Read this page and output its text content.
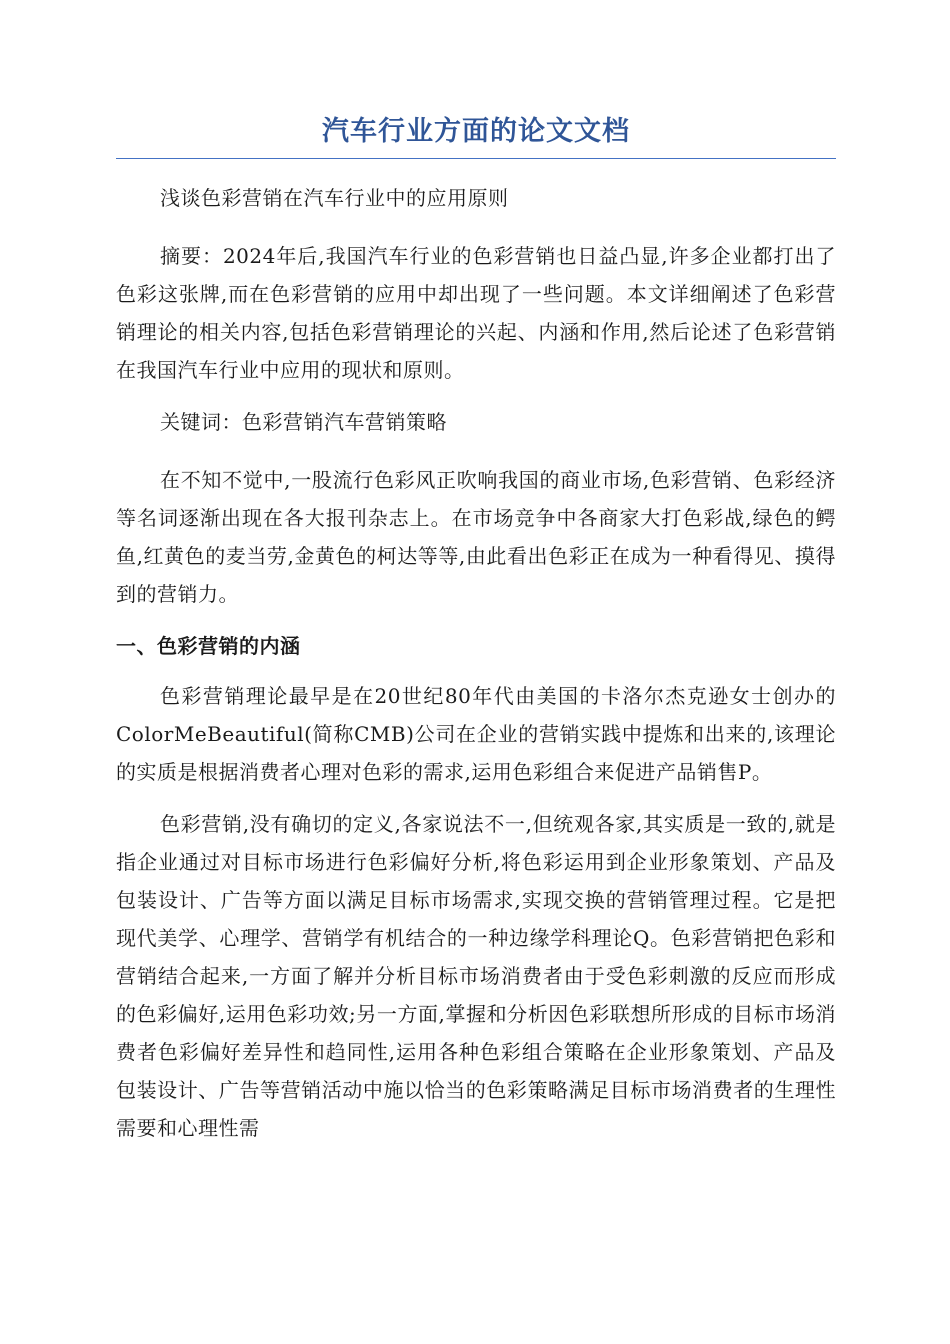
汽车行业方面的论文文档

浅谈色彩营销在汽车行业中的应用原则

摘要：2024年后,我国汽车行业的色彩营销也日益凸显,许多企业都打出了色彩这张牌,而在色彩营销的应用中却出现了一些问题。本文详细阐述了色彩营销理论的相关内容,包括色彩营销理论的兴起、内涵和作用,然后论述了色彩营销在我国汽车行业中应用的现状和原则。

关键词：色彩营销汽车营销策略

在不知不觉中,一股流行色彩风正吹响我国的商业市场,色彩营销、色彩经济等名词逐渐出现在各大报刊杂志上。在市场竞争中各商家大打色彩战,绿色的鳄鱼,红黄色的麦当劳,金黄色的柯达等等,由此看出色彩正在成为一种看得见、摸得到的营销力。

一、色彩营销的内涵

色彩营销理论最早是在20世纪80年代由美国的卡洛尔杰克逊女士创办的ColorMeBeautiful(简称CMB)公司在企业的营销实践中提炼和出来的,该理论的实质是根据消费者心理对色彩的需求,运用色彩组合来促进产品销售P。

色彩营销,没有确切的定义,各家说法不一,但统观各家,其实质是一致的,就是指企业通过对目标市场进行色彩偏好分析,将色彩运用到企业形象策划、产品及包装设计、广告等方面以满足目标市场需求,实现交换的营销管理过程。它是把现代美学、心理学、营销学有机结合的一种边缘学科理论Q。色彩营销把色彩和营销结合起来,一方面了解并分析目标市场消费者由于受色彩刺激的反应而形成的色彩偏好,运用色彩功效;另一方面,掌握和分析因色彩联想所形成的目标市场消费者色彩偏好差异性和趋同性,运用各种色彩组合策略在企业形象策划、产品及包装设计、广告等营销活动中施以恰当的色彩策略满足目标市场消费者的生理性需要和心理性需
